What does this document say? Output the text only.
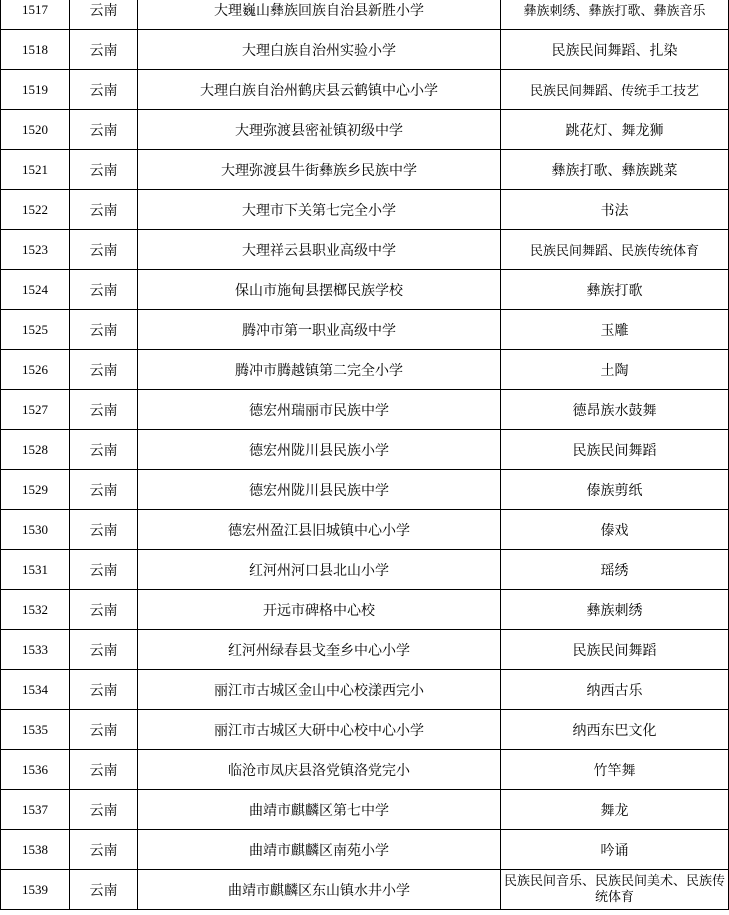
1517	云南	大理巍山彝族回族自治县新胜小学	彝族刺绣、彝族打歌、彝族音乐
1518	云南	大理白族自治州实验小学	民族民间舞蹈、扎染
1519	云南	大理白族自治州鹤庆县云鹤镇中心小学	民族民间舞蹈、传统手工技艺
1520	云南	大理弥渡县密祉镇初级中学	跳花灯、舞龙狮
1521	云南	大理弥渡县牛街彝族乡民族中学	彝族打歌、彝族跳菜
1522	云南	大理市下关第七完全小学	书法
1523	云南	大理祥云县职业高级中学	民族民间舞蹈、民族传统体育
1524	云南	保山市施甸县摆榔民族学校	彝族打歌
1525	云南	腾冲市第一职业高级中学	玉雕
1526	云南	腾冲市腾越镇第二完全小学	土陶
1527	云南	德宏州瑞丽市民族中学	德昂族水鼓舞
1528	云南	德宏州陇川县民族小学	民族民间舞蹈
1529	云南	德宏州陇川县民族中学	傣族剪纸
1530	云南	德宏州盈江县旧城镇中心小学	傣戏
1531	云南	红河州河口县北山小学	瑶绣
1532	云南	开远市碑格中心校	彝族刺绣
1533	云南	红河州绿春县戈奎乡中心小学	民族民间舞蹈
1534	云南	丽江市古城区金山中心校漾西完小	纳西古乐
1535	云南	丽江市古城区大研中心校中心小学	纳西东巴文化
1536	云南	临沧市凤庆县洛党镇洛党完小	竹竿舞
1537	云南	曲靖市麒麟区第七中学	舞龙
1538	云南	曲靖市麒麟区南苑小学	吟诵
1539	云南	曲靖市麒麟区东山镇水井小学	民族民间音乐、民族民间美术、民族传统体育
